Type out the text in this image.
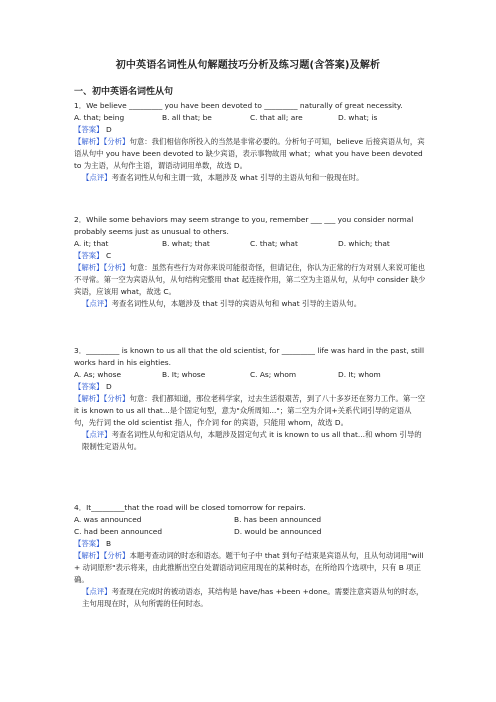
初中英语名词性从句解题技巧分析及练习题(含答案)及解析
一、初中英语名词性从句

1．We believe _________ you have been devoted to _________ naturally of great necessity.

A. that; being	B. all that; be	C. that all; are	D. what; is

【答案】 D

【解析】【分析】句意：我们相信你所投入的当然是非常必要的。分析句子可知，believe 后接宾语从句，宾语从句中 you have been devoted to 缺少宾语，表示事物故用 what；what you have been devoted to 为主语，从句作主语，谓语动词用单数，故选 D。

【点评】考查名词性从句和主谓一致，本题涉及 what 引导的主语从句和一般现在时。

2．While some behaviors may seem strange to you, remember ___ ___ you consider normal probably seems just as unusual to others.

A. it; that	B. what; that	C. that; what	D. which; that

【答案】 C

【解析】【分析】句意：虽然有些行为对你来说可能很奇怪，但请记住，你认为正常的行为对别人来说可能也不寻常。第一空为宾语从句，从句结构完整用 that 起连接作用，第二空为主语从句，从句中 consider 缺少宾语，应该用 what，故选 C。

【点评】考查名词性从句，本题涉及 that 引导的宾语从句和 what 引导的主语从句。

3．_________ is known to us all that the old scientist, for _________ life was hard in the past, still works hard in his eighties.

A. As; whose	B. It; whose	C. As; whom	D. It; whom

【答案】 D

【解析】【分析】句意：我们都知道，那位老科学家，过去生活很艰苦，到了八十多岁还在努力工作。第一空 it is known to us all that...是个固定句型，意为"众所周知..."；第二空为介词+关系代词引导的定语从句，先行词 the old scientist 指人，作介词 for 的宾语，只能用 whom，故选 D。

【点评】考查名词性从句和定语从句，本题涉及固定句式 it is known to us all that...和 whom 引导的限制性定语从句。

4．It_________that the road will be closed tomorrow for repairs.

A. was announced	B. has been announced
C. had been announced	D. would be announced

【答案】 B

【解析】【分析】本题考查动词的时态和语态。题干句子中 that 到句子结束是宾语从句，且从句动词用"will + 动词原形"表示将来，由此推断出空白处谓语动词应用现在的某种时态，在所给四个选项中，只有 B 项正确。

【点评】考查现在完成时的被动语态，其结构是 have/has +been +done。需要注意宾语从句的时态，主句用现在时，从句所需的任何时态。
